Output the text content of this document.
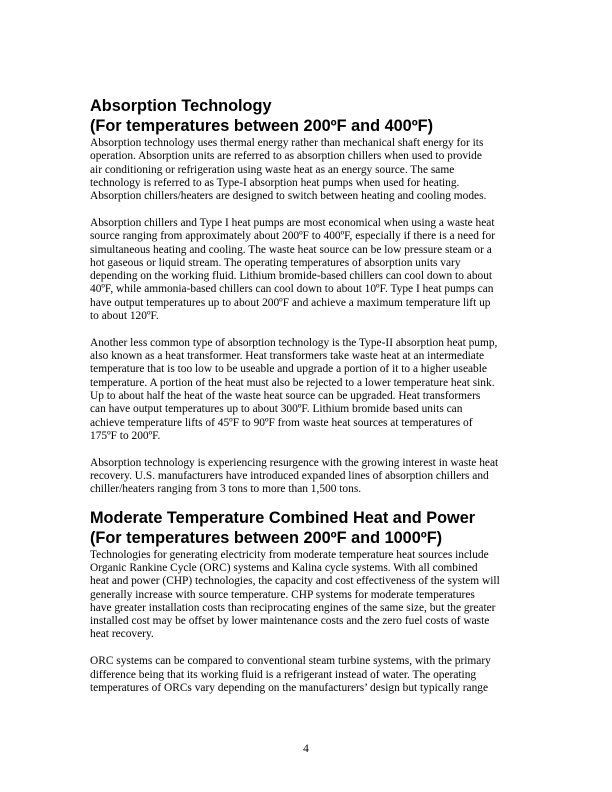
Absorption Technology
(For temperatures between 200ºF and 400ºF)

Absorption technology uses thermal energy rather than mechanical shaft energy for its
operation. Absorption units are referred to as absorption chillers when used to provide
air conditioning or refrigeration using waste heat as an energy source. The same
technology is referred to as Type-I absorption heat pumps when used for heating.
Absorption chillers/heaters are designed to switch between heating and cooling modes.

Absorption chillers and Type I heat pumps are most economical when using a waste heat
source ranging from approximately about 200ºF to 400ºF, especially if there is a need for
simultaneous heating and cooling. The waste heat source can be low pressure steam or a
hot gaseous or liquid stream. The operating temperatures of absorption units vary
depending on the working fluid. Lithium bromide-based chillers can cool down to about
40ºF, while ammonia-based chillers can cool down to about 10ºF. Type I heat pumps can
have output temperatures up to about 200ºF and achieve a maximum temperature lift up
to about 120ºF.

Another less common type of absorption technology is the Type-II absorption heat pump,
also known as a heat transformer. Heat transformers take waste heat at an intermediate
temperature that is too low to be useable and upgrade a portion of it to a higher useable
temperature. A portion of the heat must also be rejected to a lower temperature heat sink.
Up to about half the heat of the waste heat source can be upgraded. Heat transformers
can have output temperatures up to about 300ºF. Lithium bromide based units can
achieve temperature lifts of 45ºF to 90ºF from waste heat sources at temperatures of
175ºF to 200ºF.

Absorption technology is experiencing resurgence with the growing interest in waste heat
recovery. U.S. manufacturers have introduced expanded lines of absorption chillers and
chiller/heaters ranging from 3 tons to more than 1,500 tons.

Moderate Temperature Combined Heat and Power
(For temperatures between 200ºF and 1000ºF)

Technologies for generating electricity from moderate temperature heat sources include
Organic Rankine Cycle (ORC) systems and Kalina cycle systems. With all combined
heat and power (CHP) technologies, the capacity and cost effectiveness of the system will
generally increase with source temperature. CHP systems for moderate temperatures
have greater installation costs than reciprocating engines of the same size, but the greater
installed cost may be offset by lower maintenance costs and the zero fuel costs of waste
heat recovery.

ORC systems can be compared to conventional steam turbine systems, with the primary
difference being that its working fluid is a refrigerant instead of water. The operating
temperatures of ORCs vary depending on the manufacturers’ design but typically range

4
